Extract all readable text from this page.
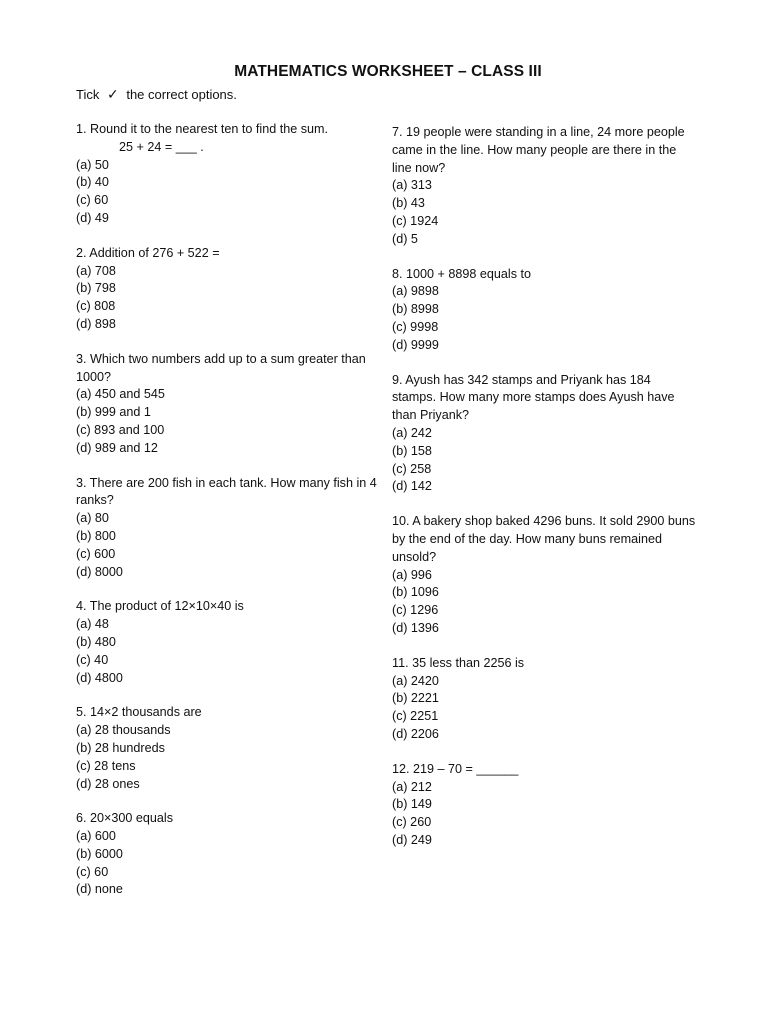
MATHEMATICS WORKSHEET – CLASS III
Tick ✓ the correct options.
1. Round it to the nearest ten to find the sum.
25 + 24 = ___ .
(a) 50
(b) 40
(c) 60
(d) 49
2. Addition of 276 + 522 =
(a) 708
(b) 798
(c) 808
(d) 898
3. Which two numbers add up to a sum greater than 1000?
(a) 450 and 545
(b) 999 and 1
(c) 893 and 100
(d) 989 and 12
3. There are 200 fish in each tank. How many fish in 4 ranks?
(a) 80
(b) 800
(c) 600
(d) 8000
4. The product of 12×10×40 is
(a) 48
(b) 480
(c) 40
(d) 4800
5. 14×2 thousands are
(a) 28 thousands
(b) 28 hundreds
(c) 28 tens
(d) 28 ones
6. 20×300 equals
(a) 600
(b) 6000
(c) 60
(d) none
7. 19 people were standing in a line, 24 more people came in the line. How many people are there in the line now?
(a) 313
(b) 43
(c) 1924
(d) 5
8. 1000 + 8898 equals to
(a) 9898
(b) 8998
(c) 9998
(d) 9999
9. Ayush has 342 stamps and Priyank has 184 stamps. How many more stamps does Ayush have than Priyank?
(a) 242
(b) 158
(c) 258
(d) 142
10. A bakery shop baked 4296 buns. It sold 2900 buns by the end of the day. How many buns remained unsold?
(a) 996
(b) 1096
(c) 1296
(d) 1396
11. 35 less than 2256 is
(a) 2420
(b) 2221
(c) 2251
(d) 2206
12. 219 – 70 = ______
(a) 212
(b) 149
(c) 260
(d) 249
